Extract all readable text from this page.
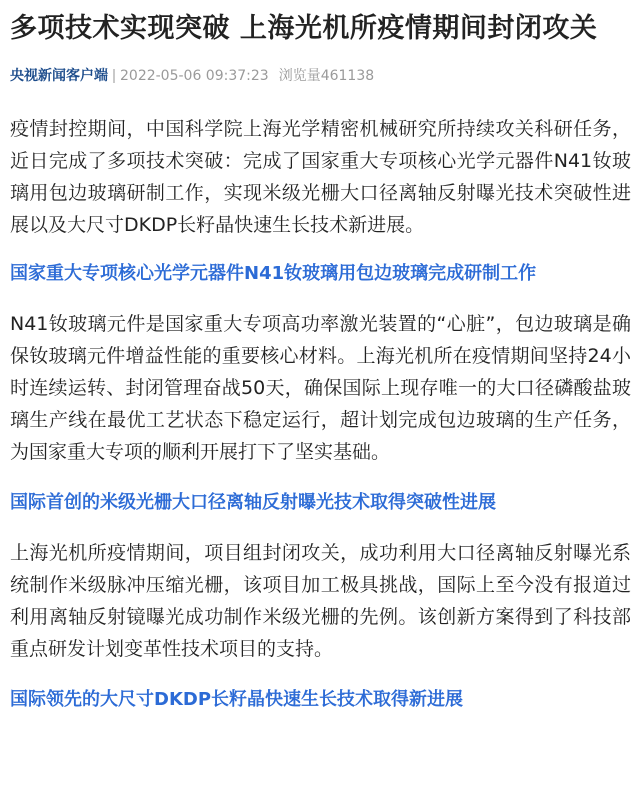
多项技术实现突破 上海光机所疫情期间封闭攻关
央视新闻客户端 2022-05-06 09:37:23 浏览量461138

疫情封控期间，中国科学院上海光学精密机械研究所持续攻关科研任务，近日完成了多项技术突破：完成了国家重大专项核心光学元器件N41钕玻璃用包边玻璃研制工作，实现米级光栅大口径离轴反射曝光技术突破性进展以及大尺寸DKDP长籽晶快速生长技术新进展。

国家重大专项核心光学元器件N41钕玻璃用包边玻璃完成研制工作

N41钕玻璃元件是国家重大专项高功率激光装置的“心脏”，包边玻璃是确保钕玻璃元件增益性能的重要核心材料。上海光机所在疫情期间坚持24小时连续运转、封闭管理奋战50天，确保国际上现存唯一的大口径磷酸盐玻璃生产线在最优工艺状态下稳定运行，超计划完成包边玻璃的生产任务，为国家重大专项的顺利开展打下了坚实基础。

国际首创的米级光栅大口径离轴反射曝光技术取得突破性进展

上海光机所疫情期间，项目组封闭攻关，成功利用大口径离轴反射曝光系统制作米级脉冲压缩光栅，该项目加工极具挑战，国际上至今没有报道过利用离轴反射镜曝光成功制作米级光栅的先例。该创新方案得到了科技部重点研发计划变革性技术项目的支持。

国际领先的大尺寸DKDP长籽晶快速生长技术取得新进展
